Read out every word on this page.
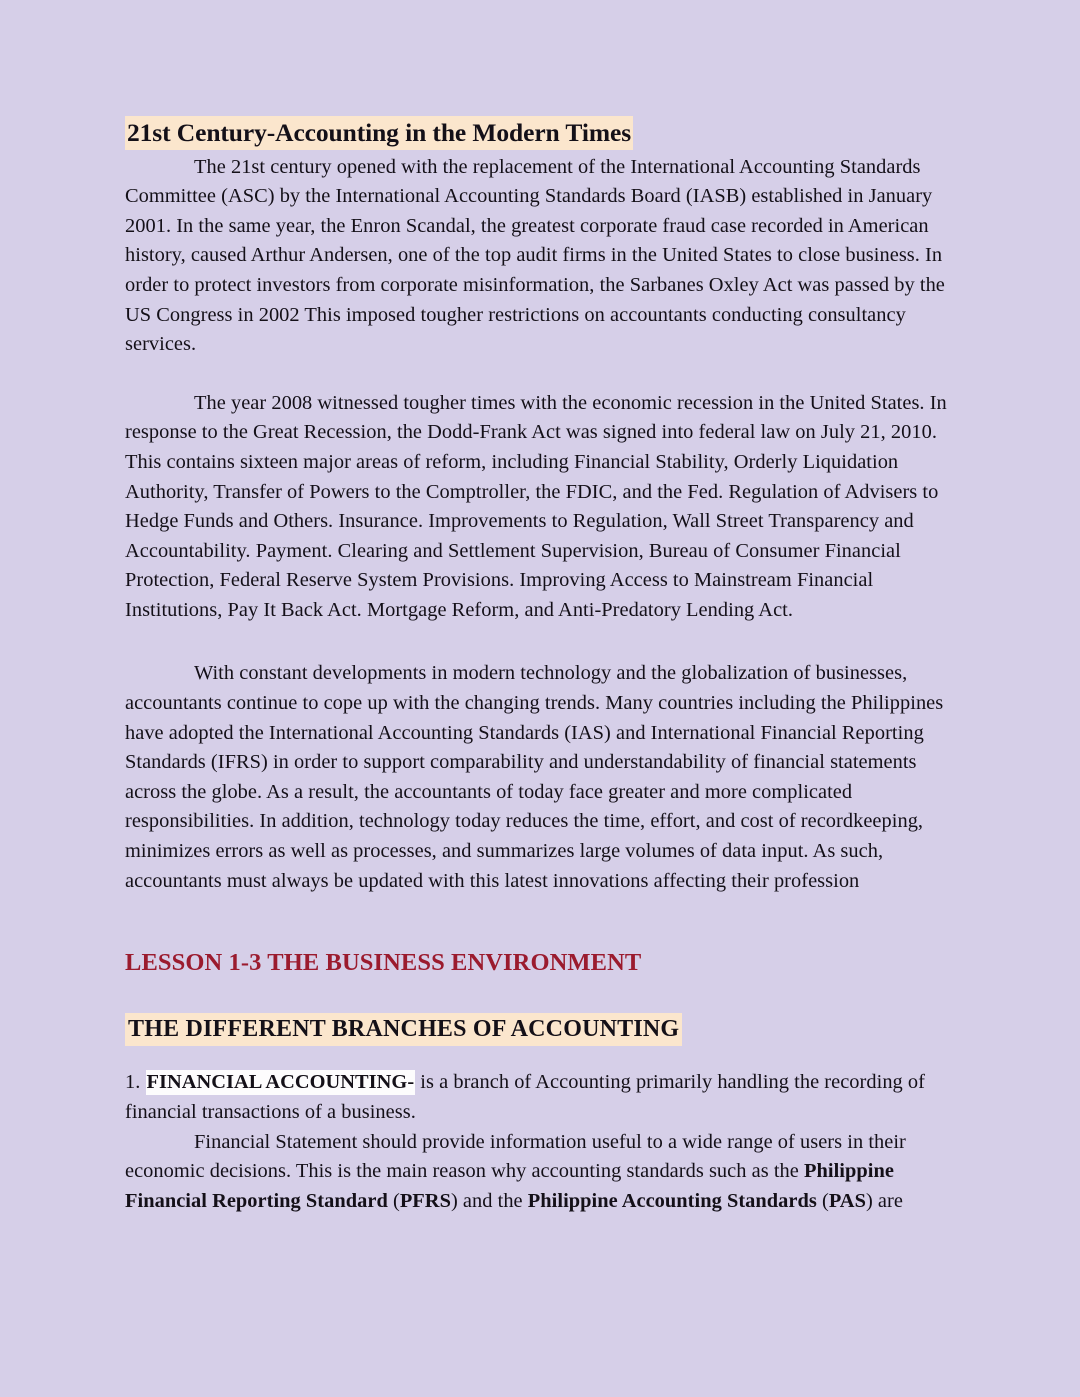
21st Century-Accounting in the Modern Times

The 21st century opened with the replacement of the International Accounting Standards Committee (ASC) by the International Accounting Standards Board (IASB) established in January 2001. In the same year, the Enron Scandal, the greatest corporate fraud case recorded in American history, caused Arthur Andersen, one of the top audit firms in the United States to close business. In order to protect investors from corporate misinformation, the Sarbanes Oxley Act was passed by the US Congress in 2002 This imposed tougher restrictions on accountants conducting consultancy services.

The year 2008 witnessed tougher times with the economic recession in the United States. In response to the Great Recession, the Dodd-Frank Act was signed into federal law on July 21, 2010. This contains sixteen major areas of reform, including Financial Stability, Orderly Liquidation Authority, Transfer of Powers to the Comptroller, the FDIC, and the Fed. Regulation of Advisers to Hedge Funds and Others. Insurance. Improvements to Regulation, Wall Street Transparency and Accountability. Payment. Clearing and Settlement Supervision, Bureau of Consumer Financial Protection, Federal Reserve System Provisions. Improving Access to Mainstream Financial Institutions, Pay It Back Act. Mortgage Reform, and Anti-Predatory Lending Act.

With constant developments in modern technology and the globalization of businesses, accountants continue to cope up with the changing trends. Many countries including the Philippines have adopted the International Accounting Standards (IAS) and International Financial Reporting Standards (IFRS) in order to support comparability and understandability of financial statements across the globe. As a result, the accountants of today face greater and more complicated responsibilities. In addition, technology today reduces the time, effort, and cost of recordkeeping, minimizes errors as well as processes, and summarizes large volumes of data input. As such, accountants must always be updated with this latest innovations affecting their profession

LESSON 1-3 THE BUSINESS ENVIRONMENT
THE DIFFERENT BRANCHES OF ACCOUNTING

1. FINANCIAL ACCOUNTING- is a branch of Accounting primarily handling the recording of financial transactions of a business.

Financial Statement should provide information useful to a wide range of users in their economic decisions. This is the main reason why accounting standards such as the Philippine Financial Reporting Standard (PFRS) and the Philippine Accounting Standards (PAS) are
